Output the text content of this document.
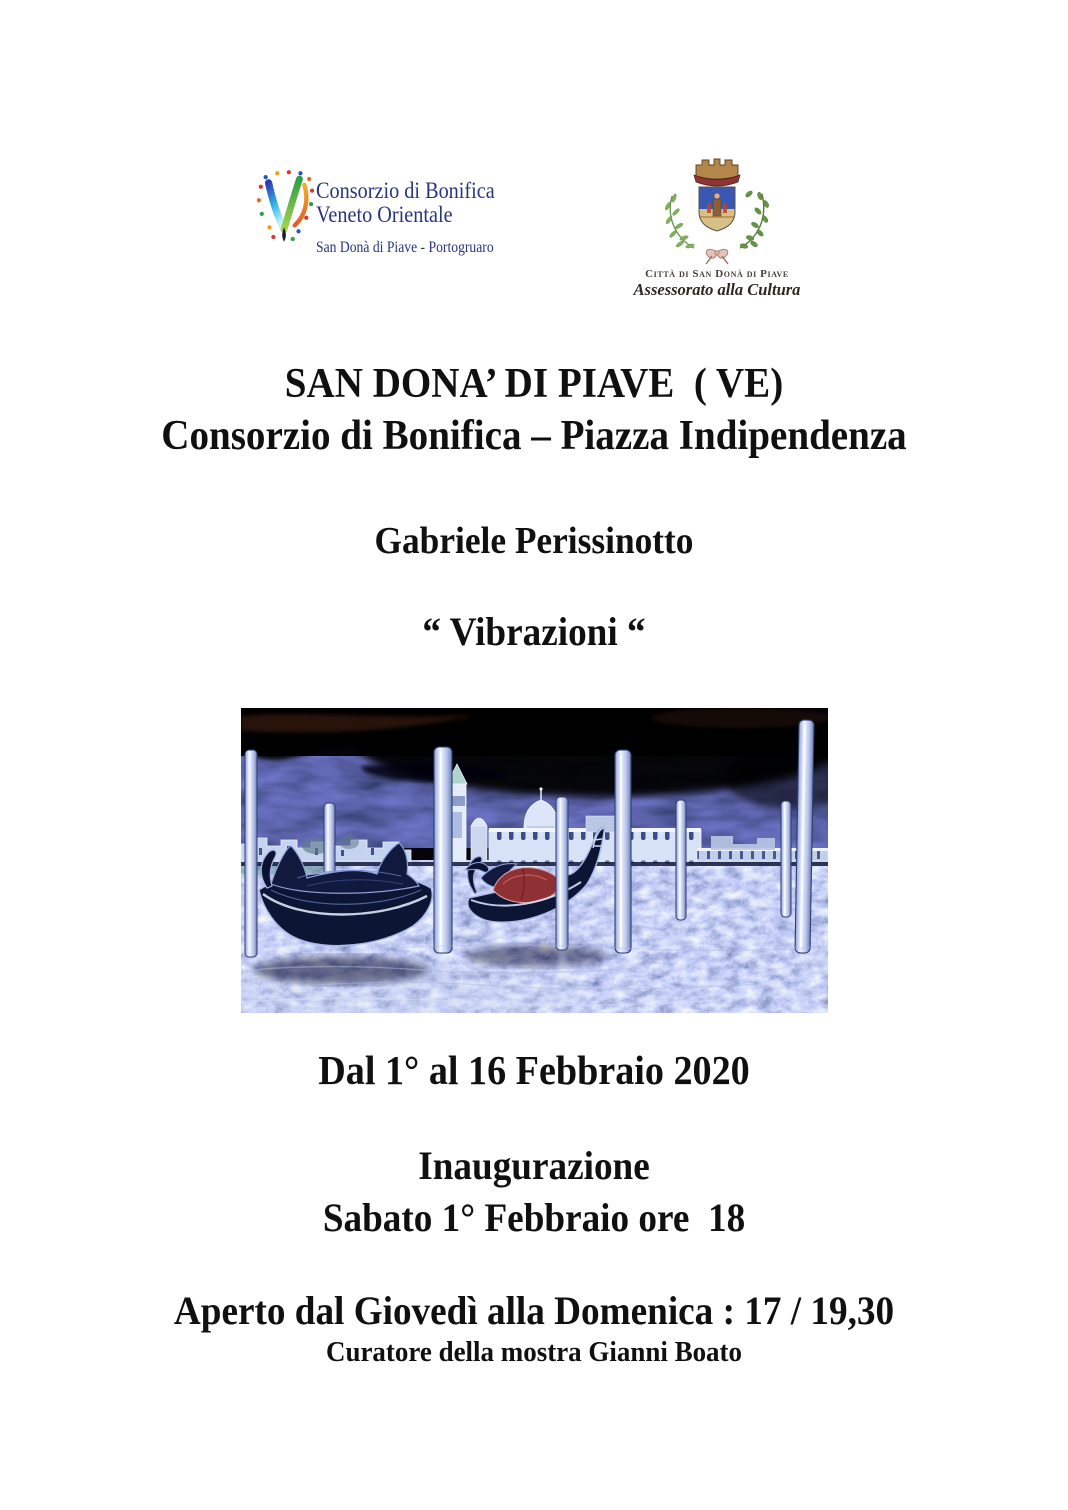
Consorzio di Bonifica
Veneto Orientale
San Donà di Piave - Portogruaro
Città di San Donà di Piave
Assessorato alla Cultura
SAN DONA’ DI PIAVE  ( VE)
Consorzio di Bonifica – Piazza Indipendenza
Gabriele Perissinotto
“ Vibrazioni “
Dal 1° al 16 Febbraio 2020
Inaugurazione
Sabato 1° Febbraio ore  18
Aperto dal Giovedì alla Domenica : 17 / 19,30
Curatore della mostra Gianni Boato
